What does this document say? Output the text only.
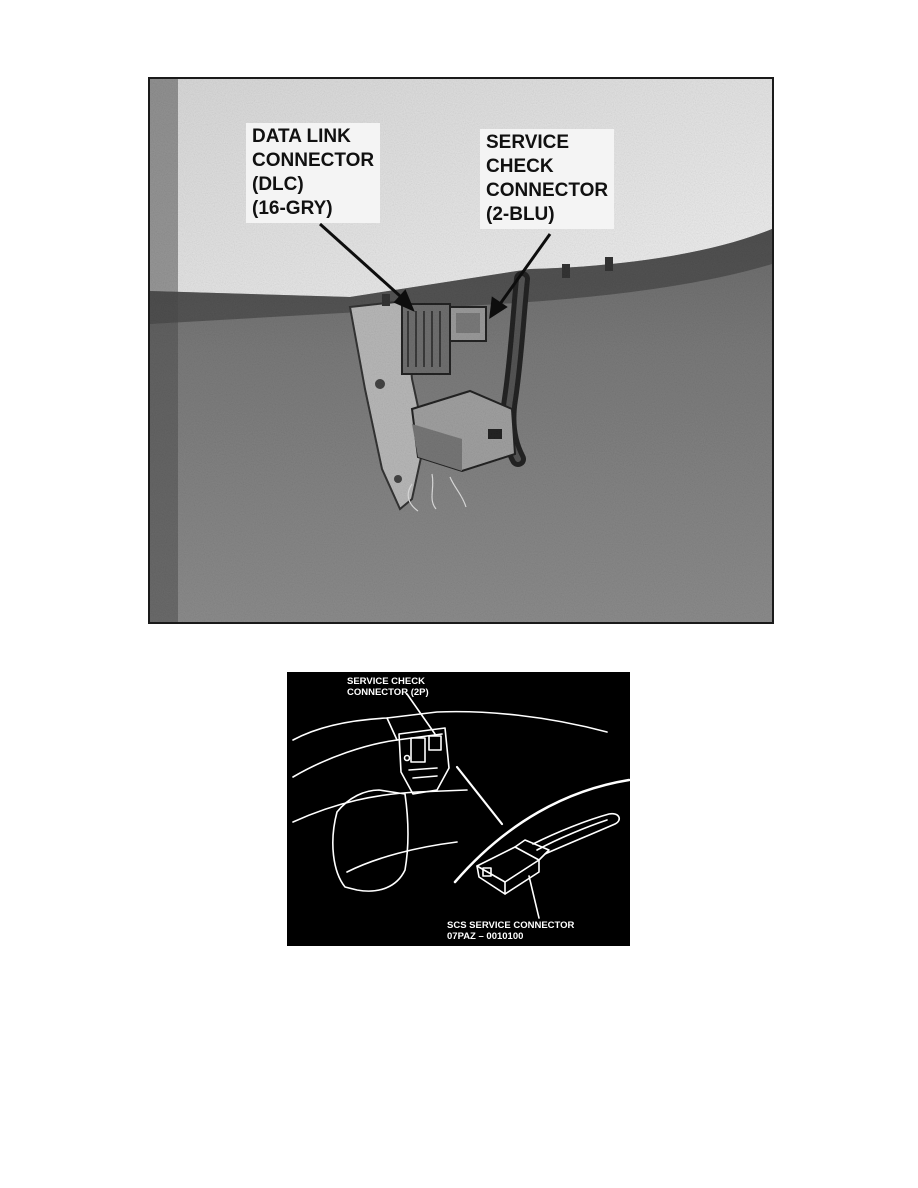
DATA LINK
CONNECTOR
(DLC)
(16-GRY)
SERVICE
CHECK
CONNECTOR
(2-BLU)
SERVICE CHECK
CONNECTOR (2P)
SCS SERVICE CONNECTOR
07PAZ – 0010100
